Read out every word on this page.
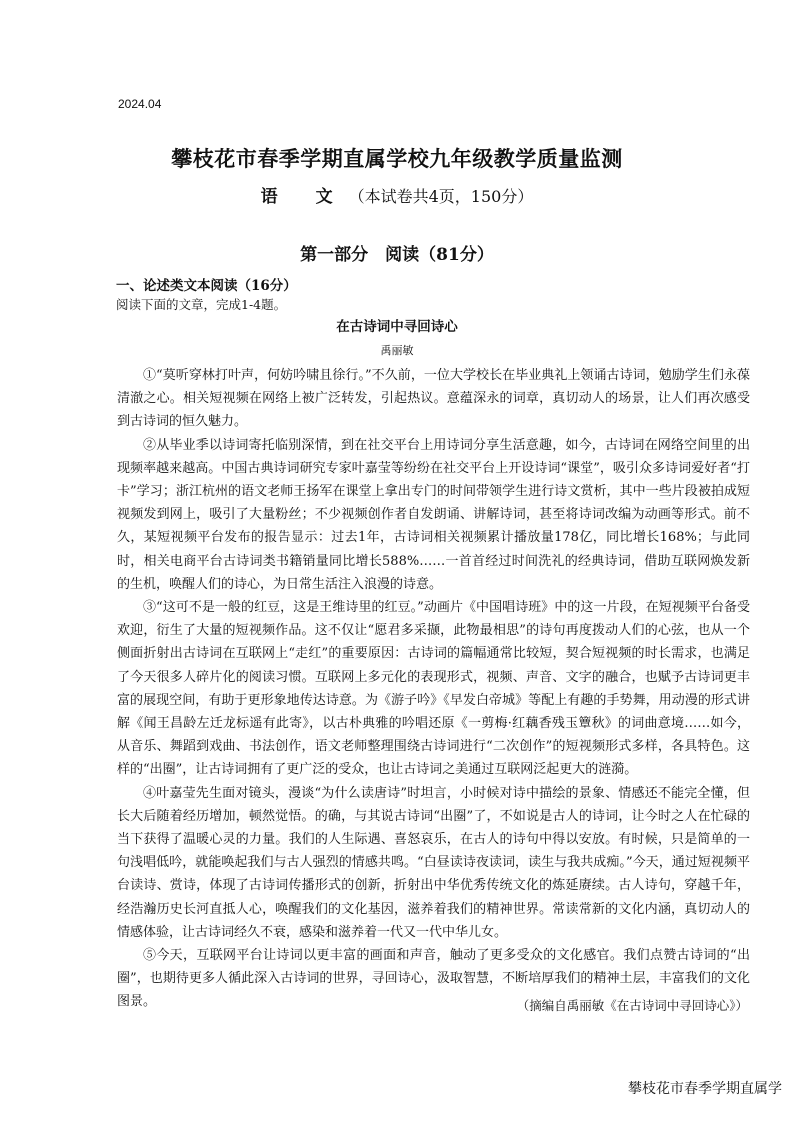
2024.04
攀枝花市春季学期直属学校九年级教学质量监测
语 文（本试卷共4页，150分）
第一部分　阅读（81分）
一、论述类文本阅读（16分）
阅读下面的文章，完成1-4题。
在古诗词中寻回诗心
禹丽敏

①“莫听穿林打叶声，何妨吟啸且徐行。”不久前，一位大学校长在毕业典礼上领诵古诗词，勉励学生们永葆清澈之心。相关短视频在网络上被广泛转发，引起热议。意蕴深永的词章，真切动人的场景，让人们再次感受到古诗词的恒久魅力。

②从毕业季以诗词寄托临别深情，到在社交平台上用诗词分享生活意趣，如今，古诗词在网络空间里的出现频率越来越高。中国古典诗词研究专家叶嘉莹等纷纷在社交平台上开设诗词“课堂”，吸引众多诗词爱好者“打卡”学习；浙江杭州的语文老师王扬军在课堂上拿出专门的时间带领学生进行诗文赏析，其中一些片段被拍成短视频发到网上，吸引了大量粉丝；不少视频创作者自发朗诵、讲解诗词，甚至将诗词改编为动画等形式。前不久，某短视频平台发布的报告显示：过去1年，古诗词相关视频累计播放量178亿，同比增长168%；与此同时，相关电商平台古诗词类书籍销量同比增长588%……一首首经过时间洗礼的经典诗词，借助互联网焕发新的生机，唤醒人们的诗心，为日常生活注入浪漫的诗意。

③“这可不是一般的红豆，这是王维诗里的红豆。”动画片《中国唱诗班》中的这一片段，在短视频平台备受欢迎，衍生了大量的短视频作品。这不仅让“愿君多采撷，此物最相思”的诗句再度拨动人们的心弦，也从一个侧面折射出古诗词在互联网上“走红”的重要原因：古诗词的篇幅通常比较短，契合短视频的时长需求，也满足了今天很多人碎片化的阅读习惯。互联网上多元化的表现形式，视频、声音、文字的融合，也赋予古诗词更丰富的展现空间，有助于更形象地传达诗意。为《游子吟》《早发白帝城》等配上有趣的手势舞，用动漫的形式讲解《闻王昌龄左迁龙标遥有此寄》，以古朴典雅的吟唱还原《一剪梅·红藕香残玉簟秋》的词曲意境……如今，从音乐、舞蹈到戏曲、书法创作，语文老师整理围绕古诗词进行“二次创作”的短视频形式多样，各具特色。这样的“出圈”，让古诗词拥有了更广泛的受众，也让古诗词之美通过互联网泛起更大的涟漪。

④叶嘉莹先生面对镜头，漫谈“为什么读唐诗”时坦言，小时候对诗中描绘的景象、情感还不能完全懂，但长大后随着经历增加，顿然觉悟。的确，与其说古诗词“出圈”了，不如说是古人的诗词，让今时之人在忙碌的当下获得了温暖心灵的力量。我们的人生际遇、喜怒哀乐，在古人的诗句中得以安放。有时候，只是简单的一句浅唱低吟，就能唤起我们与古人强烈的情感共鸣。“白昼读诗夜读词，读生与我共成痴。”今天，通过短视频平台读诗、赏诗，体现了古诗词传播形式的创新，折射出中华优秀传统文化的炼延赓续。古人诗句，穿越千年，经浩瀚历史长河直抵人心，唤醒我们的文化基因，滋养着我们的精神世界。常读常新的文化内涵，真切动人的情感体验，让古诗词经久不衰，感染和滋养着一代又一代中华儿女。

⑤今天，互联网平台让诗词以更丰富的画面和声音，触动了更多受众的文化感官。我们点赞古诗词的“出圈”，也期待更多人循此深入古诗词的世界，寻回诗心，汲取智慧，不断培厚我们的精神土层，丰富我们的文化图景。	（摘编自禹丽敏《在古诗词中寻回诗心》）
攀枝花市春季学期直属学
